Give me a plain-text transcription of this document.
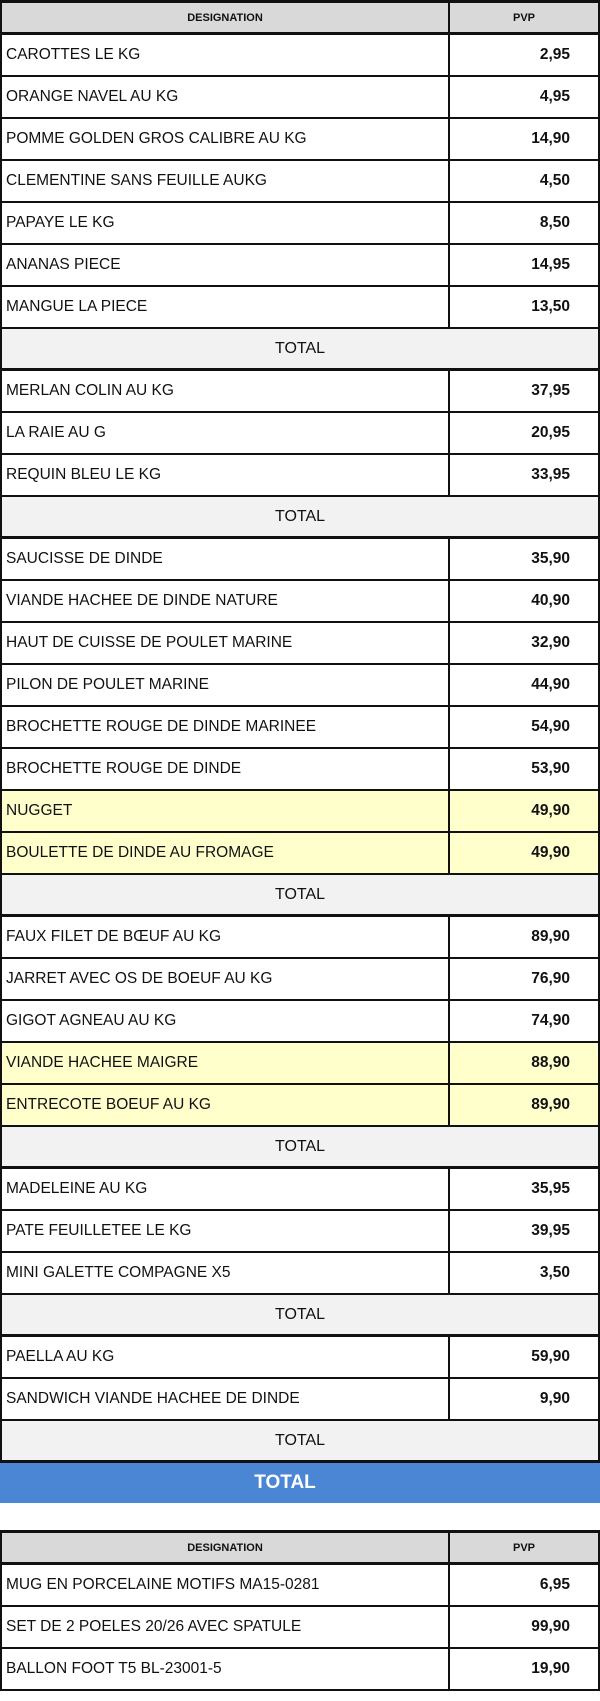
DESIGNATION	PVP
CAROTTES LE KG	2,95
ORANGE NAVEL AU KG	4,95
POMME GOLDEN GROS CALIBRE AU KG	14,90
CLEMENTINE SANS FEUILLE AUKG	4,50
PAPAYE LE KG	8,50
ANANAS PIECE	14,95
MANGUE LA PIECE	13,50
TOTAL
MERLAN COLIN AU KG	37,95
LA RAIE AU G	20,95
REQUIN BLEU LE KG	33,95
TOTAL
SAUCISSE DE DINDE	35,90
VIANDE HACHEE DE DINDE NATURE	40,90
HAUT DE CUISSE DE POULET MARINE	32,90
PILON DE POULET MARINE	44,90
BROCHETTE ROUGE DE DINDE MARINEE	54,90
BROCHETTE ROUGE DE DINDE	53,90
NUGGET	49,90
BOULETTE DE DINDE AU FROMAGE	49,90
TOTAL
FAUX FILET DE BŒUF AU KG	89,90
JARRET AVEC OS DE BOEUF AU KG	76,90
GIGOT AGNEAU AU KG	74,90
VIANDE HACHEE MAIGRE	88,90
ENTRECOTE BOEUF AU KG	89,90
TOTAL
MADELEINE AU KG	35,95
PATE FEUILLETEE LE KG	39,95
MINI GALETTE COMPAGNE X5	3,50
TOTAL
PAELLA AU KG	59,90
SANDWICH VIANDE HACHEE DE DINDE	9,90
TOTAL
TOTAL
DESIGNATION	PVP
MUG EN PORCELAINE MOTIFS MA15-0281	6,95
SET DE 2 POELES 20/26 AVEC SPATULE	99,90
BALLON FOOT T5 BL-23001-5	19,90
